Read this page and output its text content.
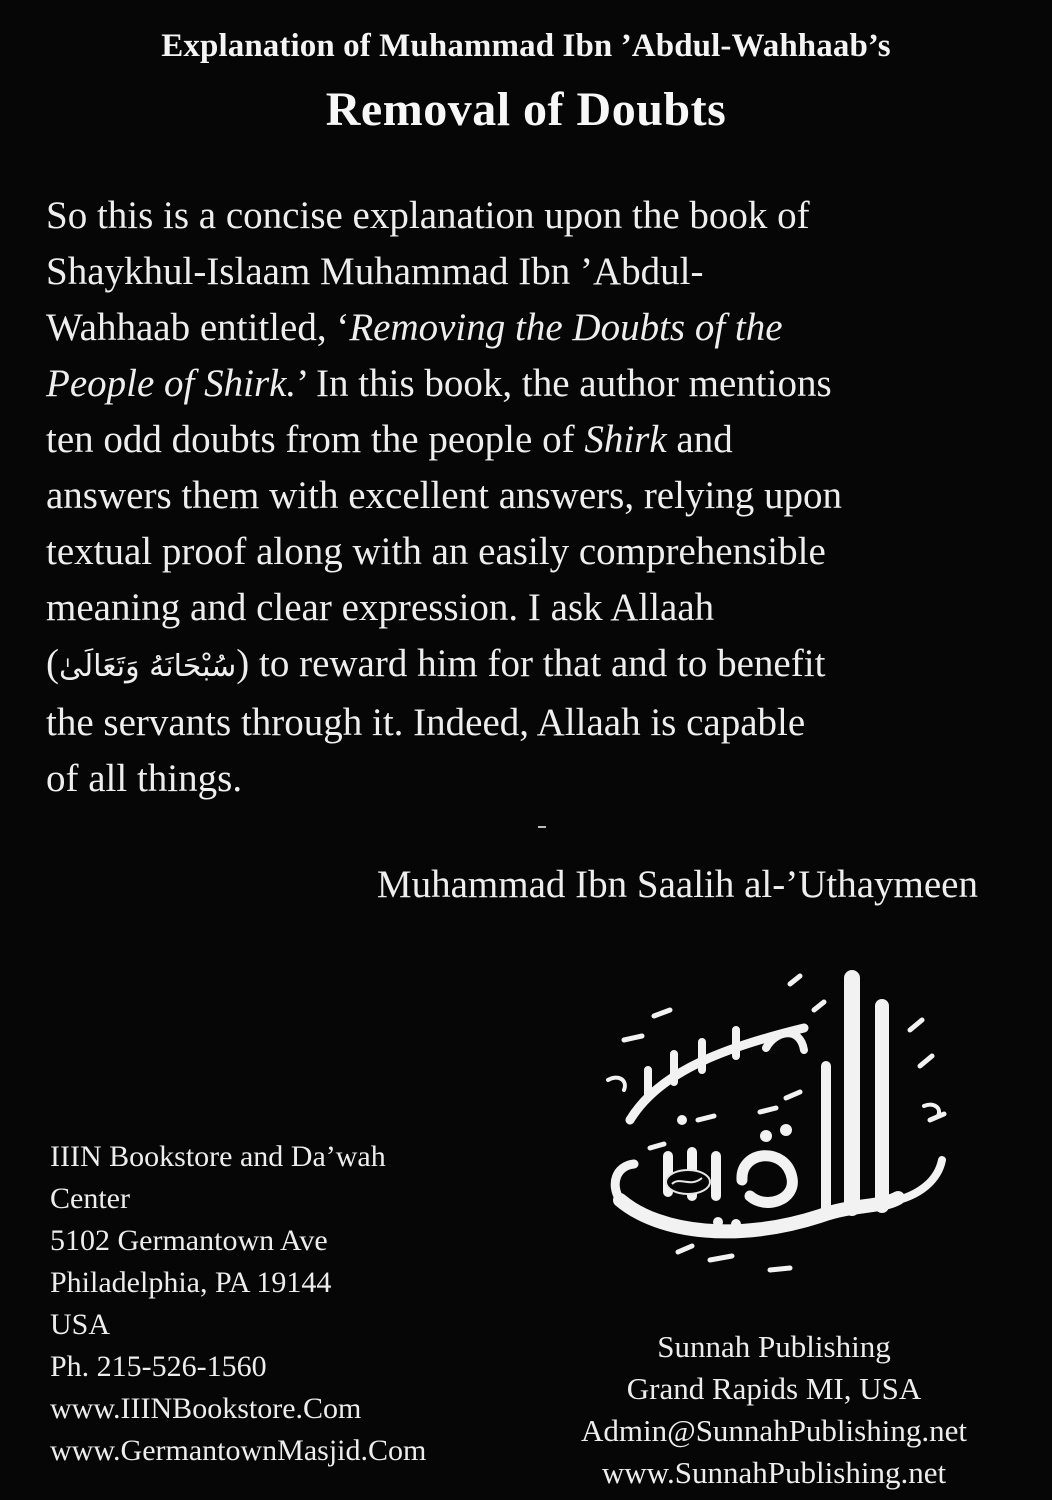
Explanation of Muhammad Ibn ’Abdul-Wahhaab’s
Removal of Doubts
So this is a concise explanation upon the book of
Shaykhul-Islaam Muhammad Ibn ’Abdul-
Wahhaab entitled, ‘Removing the Doubts of the
People of Shirk.’ In this book, the author mentions
ten odd doubts from the people of Shirk and
answers them with excellent answers, relying upon
textual proof along with an easily comprehensible
meaning and clear expression. I ask Allaah
(سُبْحَانَهُ وَتَعَالَىٰ) to reward him for that and to benefit
the servants through it. Indeed, Allaah is capable
of all things.
Muhammad Ibn Saalih al-’Uthaymeen
IIIN Bookstore and Da’wah
Center
5102 Germantown Ave
Philadelphia, PA 19144
USA
Ph. 215-526-1560
www.IIINBookstore.Com
www.GermantownMasjid.Com
Sunnah Publishing
Grand Rapids MI, USA
Admin@SunnahPublishing.net
www.SunnahPublishing.net
